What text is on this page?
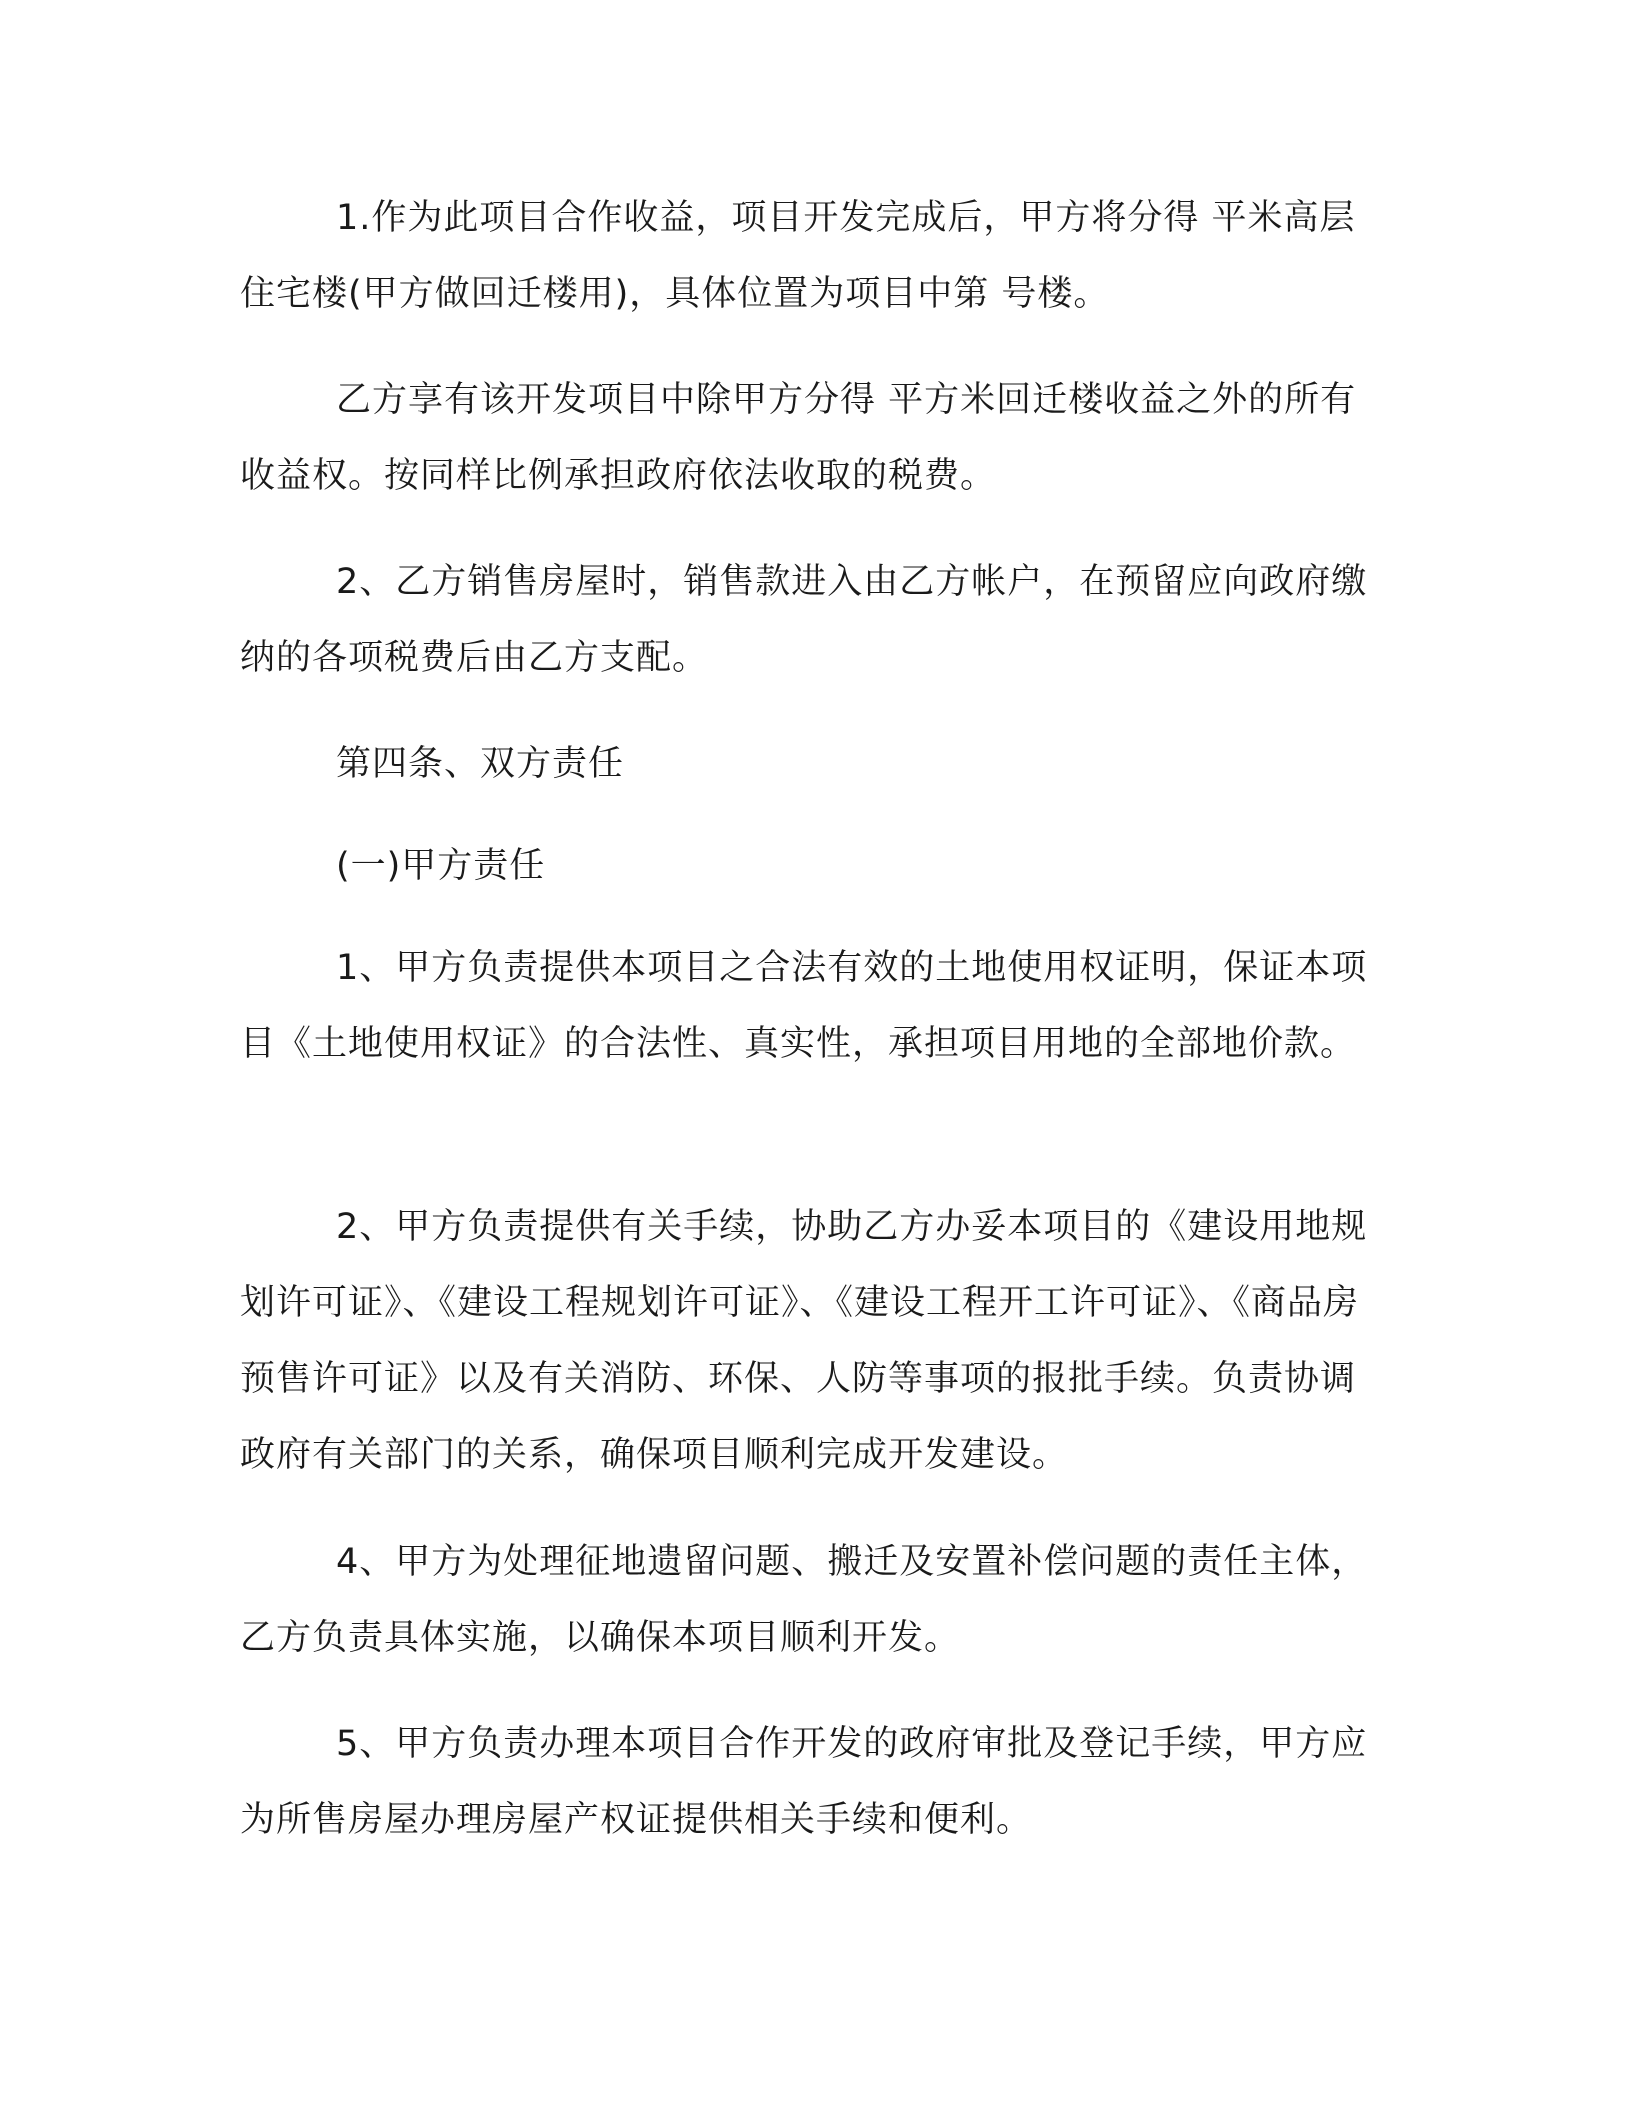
1.作为此项目合作收益，项目开发完成后，甲方将分得 平米高层住宅楼(甲方做回迁楼用)，具体位置为项目中第 号楼。

乙方享有该开发项目中除甲方分得 平方米回迁楼收益之外的所有收益权。按同样比例承担政府依法收取的税费。

2、乙方销售房屋时，销售款进入由乙方帐户，在预留应向政府缴纳的各项税费后由乙方支配。

第四条、双方责任

(一)甲方责任

1、甲方负责提供本项目之合法有效的土地使用权证明，保证本项目《土地使用权证》的合法性、真实性，承担项目用地的全部地价款。

2、甲方负责提供有关手续，协助乙方办妥本项目的《建设用地规划许可证》、《建设工程规划许可证》、《建设工程开工许可证》、《商品房预售许可证》以及有关消防、环保、人防等事项的报批手续。负责协调政府有关部门的关系，确保项目顺利完成开发建设。

4、甲方为处理征地遗留问题、搬迁及安置补偿问题的责任主体，乙方负责具体实施，以确保本项目顺利开发。

5、甲方负责办理本项目合作开发的政府审批及登记手续，甲方应为所售房屋办理房屋产权证提供相关手续和便利。
